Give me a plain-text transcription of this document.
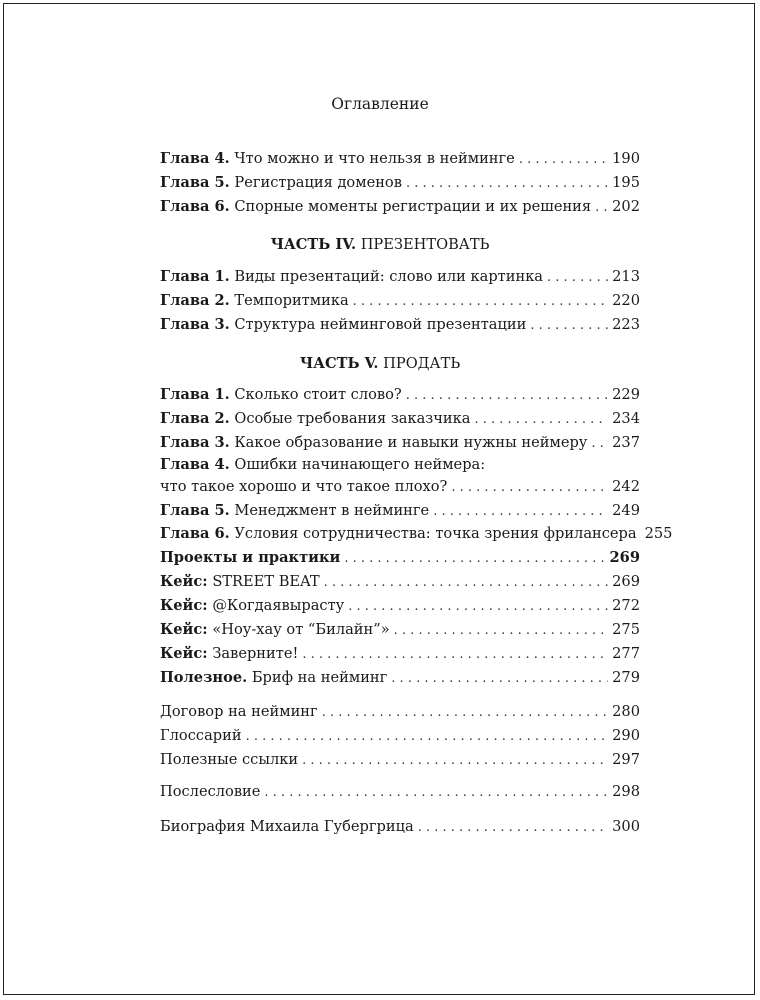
Оглавление
Глава 4. Что можно и что нельзя в нейминге . . .	190
Глава 5. Регистрация доменов . . .	195
Глава 6. Спорные моменты регистрации и их решения . . . 202
ЧАСТЬ IV. ПРЕЗЕНТОВАТЬ
Глава 1. Виды презентаций: слово или картинка . . .	213
Глава 2. Темпоритмика . . .	220
Глава 3. Структура нейминговой презентации . . .	223
ЧАСТЬ V. ПРОДАТЬ
Глава 1. Сколько стоит слово? . . .	229
Глава 2. Особые требования заказчика . . .	234
Глава 3. Какое образование и навыки нужны неймеру . . . 237
Глава 4. Ошибки начинающего неймера:
что такое хорошо и что такое плохо? . . .	242
Глава 5. Менеджмент в нейминге . . .	249
Глава 6. Условия сотрудничества: точка зрения фрилансера 255
Проекты и практики . . .	269
Кейс: STREET BEAT . . .	269
Кейс: @Когдаявырасту . . .	272
Кейс: «Ноу-хау от “Билайн”» . . .	275
Кейс: Заверните! . . .	277
Полезное. Бриф на нейминг . . .	279
Договор на нейминг . . .	280
Глоссарий . . .	290
Полезные ссылки . . .	297
Послесловие . . .	298
Биография Михаила Губергрица . . .	300
